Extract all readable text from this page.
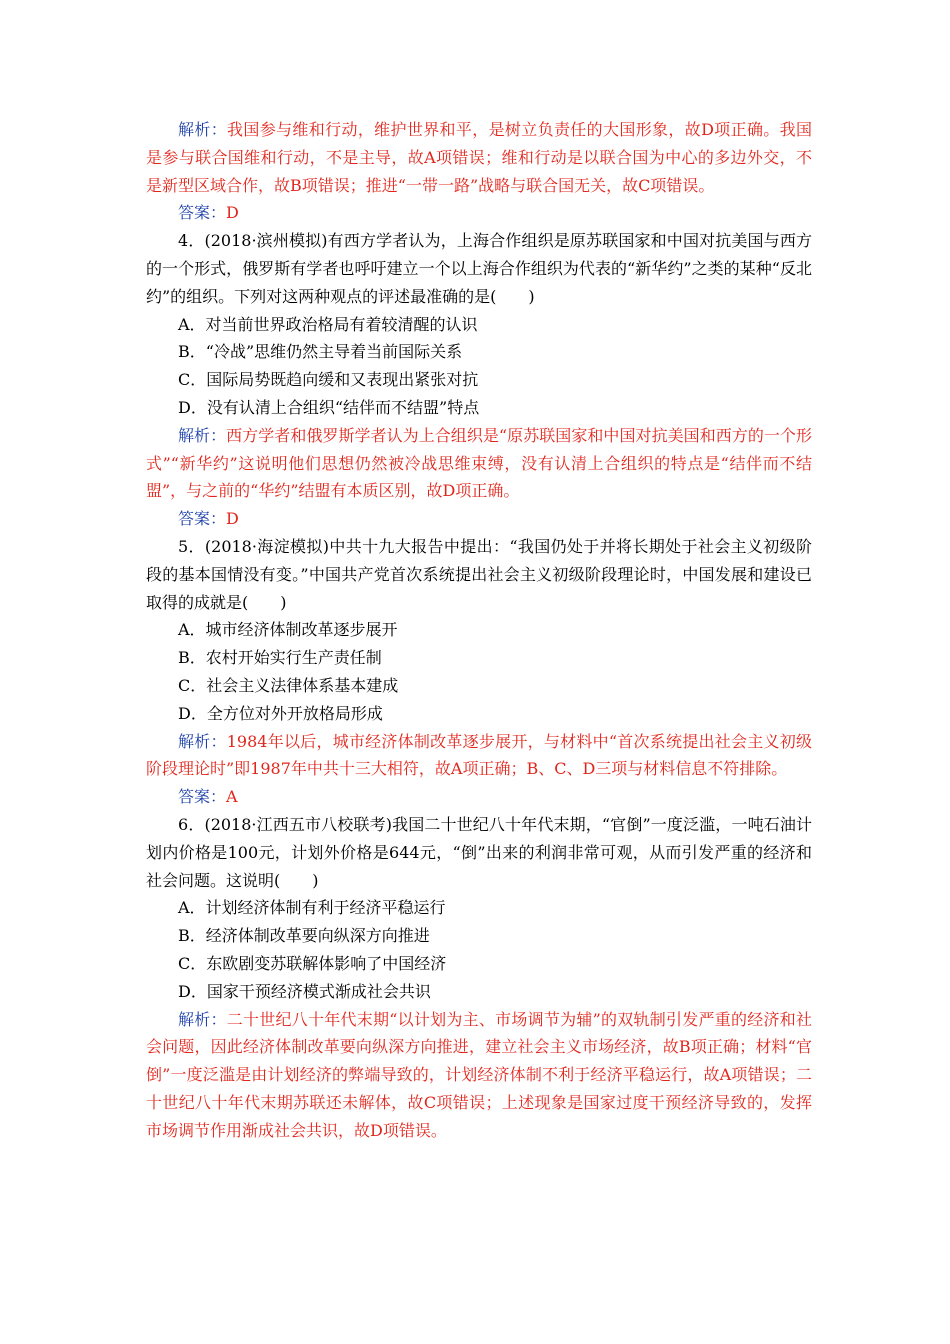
解析：我国参与维和行动，维护世界和平，是树立负责任的大国形象，故D项正确。我国是参与联合国维和行动，不是主导，故A项错误；维和行动是以联合国为中心的多边外交，不是新型区域合作，故B项错误；推进“一带一路”战略与联合国无关，故C项错误。

答案：D

4．(2018·滨州模拟)有西方学者认为，上海合作组织是原苏联国家和中国对抗美国与西方的一个形式，俄罗斯有学者也呼吁建立一个以上海合作组织为代表的“新华约”之类的某种“反北约”的组织。下列对这两种观点的评述最准确的是(　　)

A．对当前世界政治格局有着较清醒的认识

B．“冷战”思维仍然主导着当前国际关系

C．国际局势既趋向缓和又表现出紧张对抗

D．没有认清上合组织“结伴而不结盟”特点

解析：西方学者和俄罗斯学者认为上合组织是“原苏联国家和中国对抗美国和西方的一个形式”“新华约”这说明他们思想仍然被冷战思维束缚，没有认清上合组织的特点是“结伴而不结盟”，与之前的“华约”结盟有本质区别，故D项正确。

答案：D

5．(2018·海淀模拟)中共十九大报告中提出：“我国仍处于并将长期处于社会主义初级阶段的基本国情没有变。”中国共产党首次系统提出社会主义初级阶段理论时，中国发展和建设已取得的成就是(　　)

A．城市经济体制改革逐步展开

B．农村开始实行生产责任制

C．社会主义法律体系基本建成

D．全方位对外开放格局形成

解析：1984年以后，城市经济体制改革逐步展开，与材料中“首次系统提出社会主义初级阶段理论时”即1987年中共十三大相符，故A项正确；B、C、D三项与材料信息不符排除。

答案：A

6．(2018·江西五市八校联考)我国二十世纪八十年代末期，“官倒”一度泛滥，一吨石油计划内价格是100元，计划外价格是644元，“倒”出来的利润非常可观，从而引发严重的经济和社会问题。这说明(　　)

A．计划经济体制有利于经济平稳运行

B．经济体制改革要向纵深方向推进

C．东欧剧变苏联解体影响了中国经济

D．国家干预经济模式渐成社会共识

解析：二十世纪八十年代末期“以计划为主、市场调节为辅”的双轨制引发严重的经济和社会问题，因此经济体制改革要向纵深方向推进，建立社会主义市场经济，故B项正确；材料“官倒”一度泛滥是由计划经济的弊端导致的，计划经济体制不利于经济平稳运行，故A项错误；二十世纪八十年代末期苏联还未解体，故C项错误；上述现象是国家过度干预经济导致的，发挥市场调节作用渐成社会共识，故D项错误。
